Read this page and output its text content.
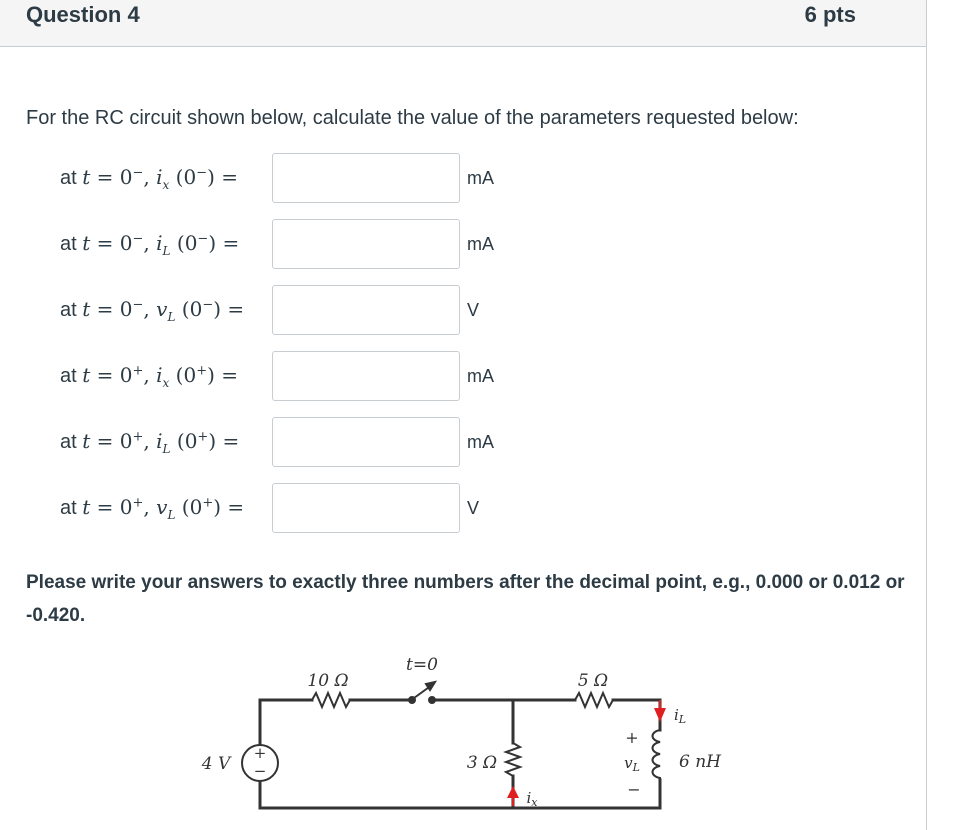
Question 4	6 pts
For the RC circuit shown below, calculate the value of the parameters requested below:
at t = 0−, $i_x$ (0−) =	mA
at t = 0−, $i_L$ (0−) =	mA
at t = 0−, $v_L$ (0−) =	V
at t = 0+, $i_x$ (0+) =	mA
at t = 0+, $i_L$ (0+) =	mA
at t = 0+, $v_L$ (0+) =	V
Please write your answers to exactly three numbers after the decimal point, e.g., 0.000 or 0.012 or -0.420.
10 Ω
t=0
5 Ω
3 Ω
4 V	6 nH
+
−
+
−
$v_L$
$i_L$
$i_x$
